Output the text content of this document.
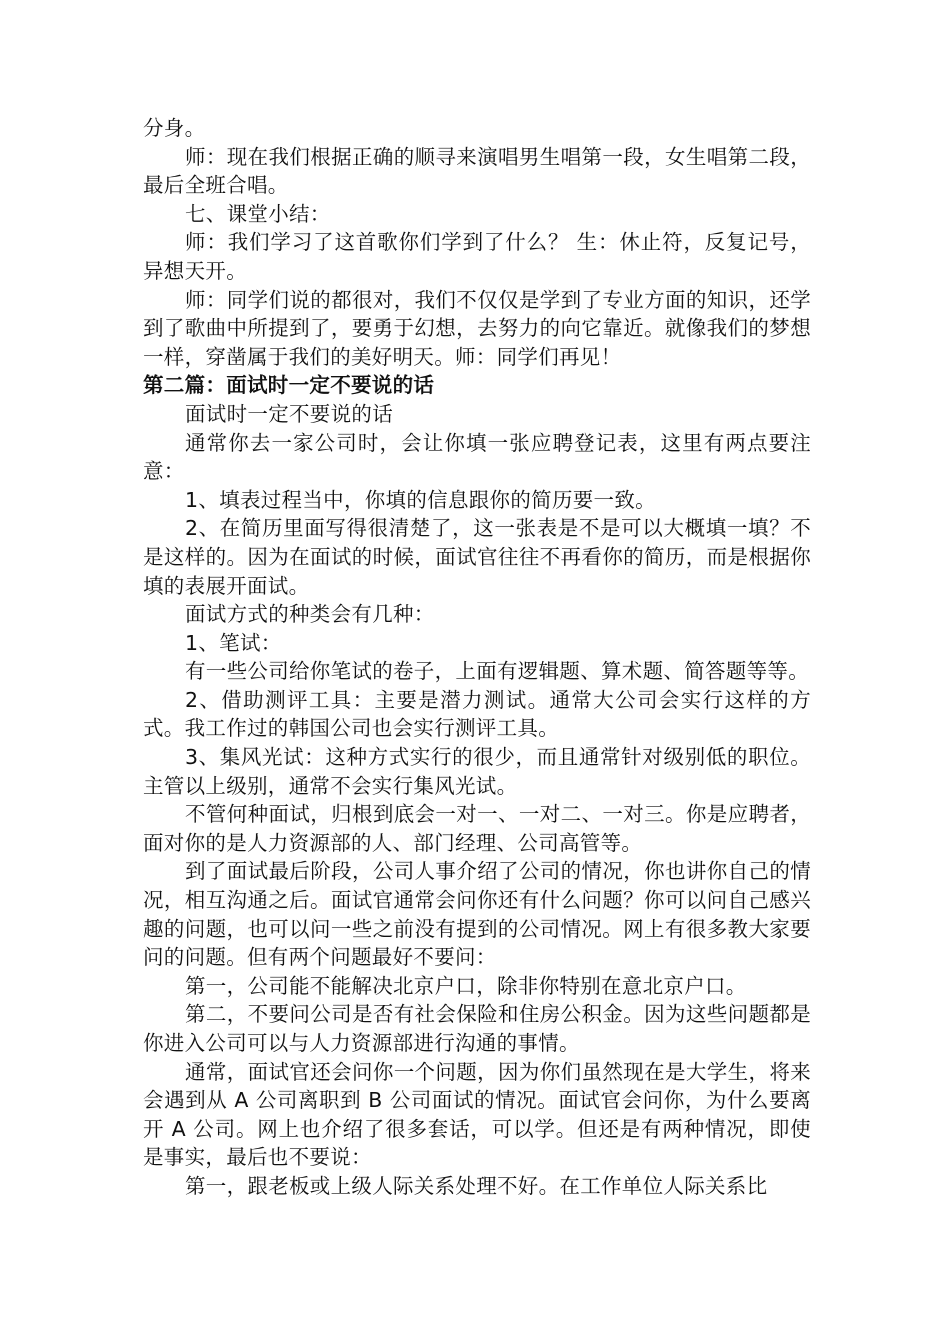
分身。

师：现在我们根据正确的顺寻来演唱男生唱第一段，女生唱第二段，最后全班合唱。

七、课堂小结：

师：我们学习了这首歌你们学到了什么？ 生：休止符，反复记号，异想天开。

师：同学们说的都很对，我们不仅仅是学到了专业方面的知识，还学到了歌曲中所提到了，要勇于幻想，去努力的向它靠近。就像我们的梦想一样，穿凿属于我们的美好明天。师：同学们再见！

第二篇：面试时一定不要说的话

面试时一定不要说的话

通常你去一家公司时，会让你填一张应聘登记表，这里有两点要注意：

1、填表过程当中，你填的信息跟你的简历要一致。

2、在简历里面写得很清楚了，这一张表是不是可以大概填一填？不是这样的。因为在面试的时候，面试官往往不再看你的简历，而是根据你填的表展开面试。

面试方式的种类会有几种：

1、笔试：

有一些公司给你笔试的卷子，上面有逻辑题、算术题、简答题等等。

2、借助测评工具：主要是潜力测试。通常大公司会实行这样的方式。我工作过的韩国公司也会实行测评工具。

3、集风光试：这种方式实行的很少，而且通常针对级别低的职位。主管以上级别，通常不会实行集风光试。

不管何种面试，归根到底会一对一、一对二、一对三。你是应聘者，面对你的是人力资源部的人、部门经理、公司高管等。

到了面试最后阶段，公司人事介绍了公司的情况，你也讲你自己的情况，相互沟通之后。面试官通常会问你还有什么问题？你可以问自己感兴趣的问题，也可以问一些之前没有提到的公司情况。网上有很多教大家要问的问题。但有两个问题最好不要问：

第一，公司能不能解决北京户口，除非你特别在意北京户口。

第二，不要问公司是否有社会保险和住房公积金。因为这些问题都是你进入公司可以与人力资源部进行沟通的事情。

通常，面试官还会问你一个问题，因为你们虽然现在是大学生，将来会遇到从 A 公司离职到 B 公司面试的情况。面试官会问你，为什么要离开 A 公司。网上也介绍了很多套话，可以学。但还是有两种情况，即使是事实，最后也不要说：

第一，跟老板或上级人际关系处理不好。在工作单位人际关系比
